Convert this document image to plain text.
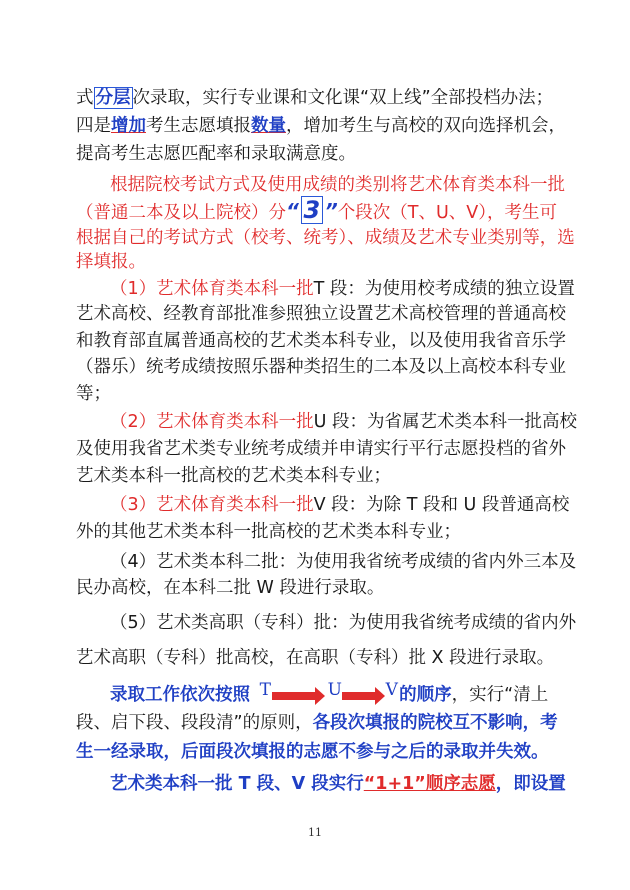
式 分层 次录取，实行专业课和文化课“双上线”全部投档办法；
四是增加考生志愿填报数量，增加考生与高校的双向选择机会，
提高考生志愿匹配率和录取满意度。
根据院校考试方式及使用成绩的类别将艺术体育类本科一批
（普通二本及以上院校）分“ 3 ”个段次（T、U、V），考生可
根据自己的考试方式（校考、统考）、成绩及艺术专业类别等，选
择填报。
（1）艺术体育类本科一批T 段：为使用校考成绩的独立设置
艺术高校、经教育部批准参照独立设置艺术高校管理的普通高校
和教育部直属普通高校的艺术类本科专业，以及使用我省音乐学
（器乐）统考成绩按照乐器种类招生的二本及以上高校本科专业
等；
（2）艺术体育类本科一批U 段：为省属艺术类本科一批高校
及使用我省艺术类专业统考成绩并申请实行平行志愿投档的省外
艺术类本科一批高校的艺术类本科专业；
（3）艺术体育类本科一批V 段：为除 T 段和 U 段普通高校
外的其他艺术类本科一批高校的艺术类本科专业；
（4）艺术类本科二批：为使用我省统考成绩的省内外三本及
民办高校，在本科二批 W 段进行录取。
（5）艺术类高职（专科）批：为使用我省统考成绩的省内外
艺术高职（专科）批高校，在高职（专科）批 X 段进行录取。
录取工作依次按照 T	U	V 的顺序，实行“清上
段、启下段、段段清”的原则，各段次填报的院校互不影响，考
生一经录取，后面段次填报的志愿不参与之后的录取并失效。
艺术类本科一批 T 段、V 段实行“1+1”顺序志愿，即设置
11
